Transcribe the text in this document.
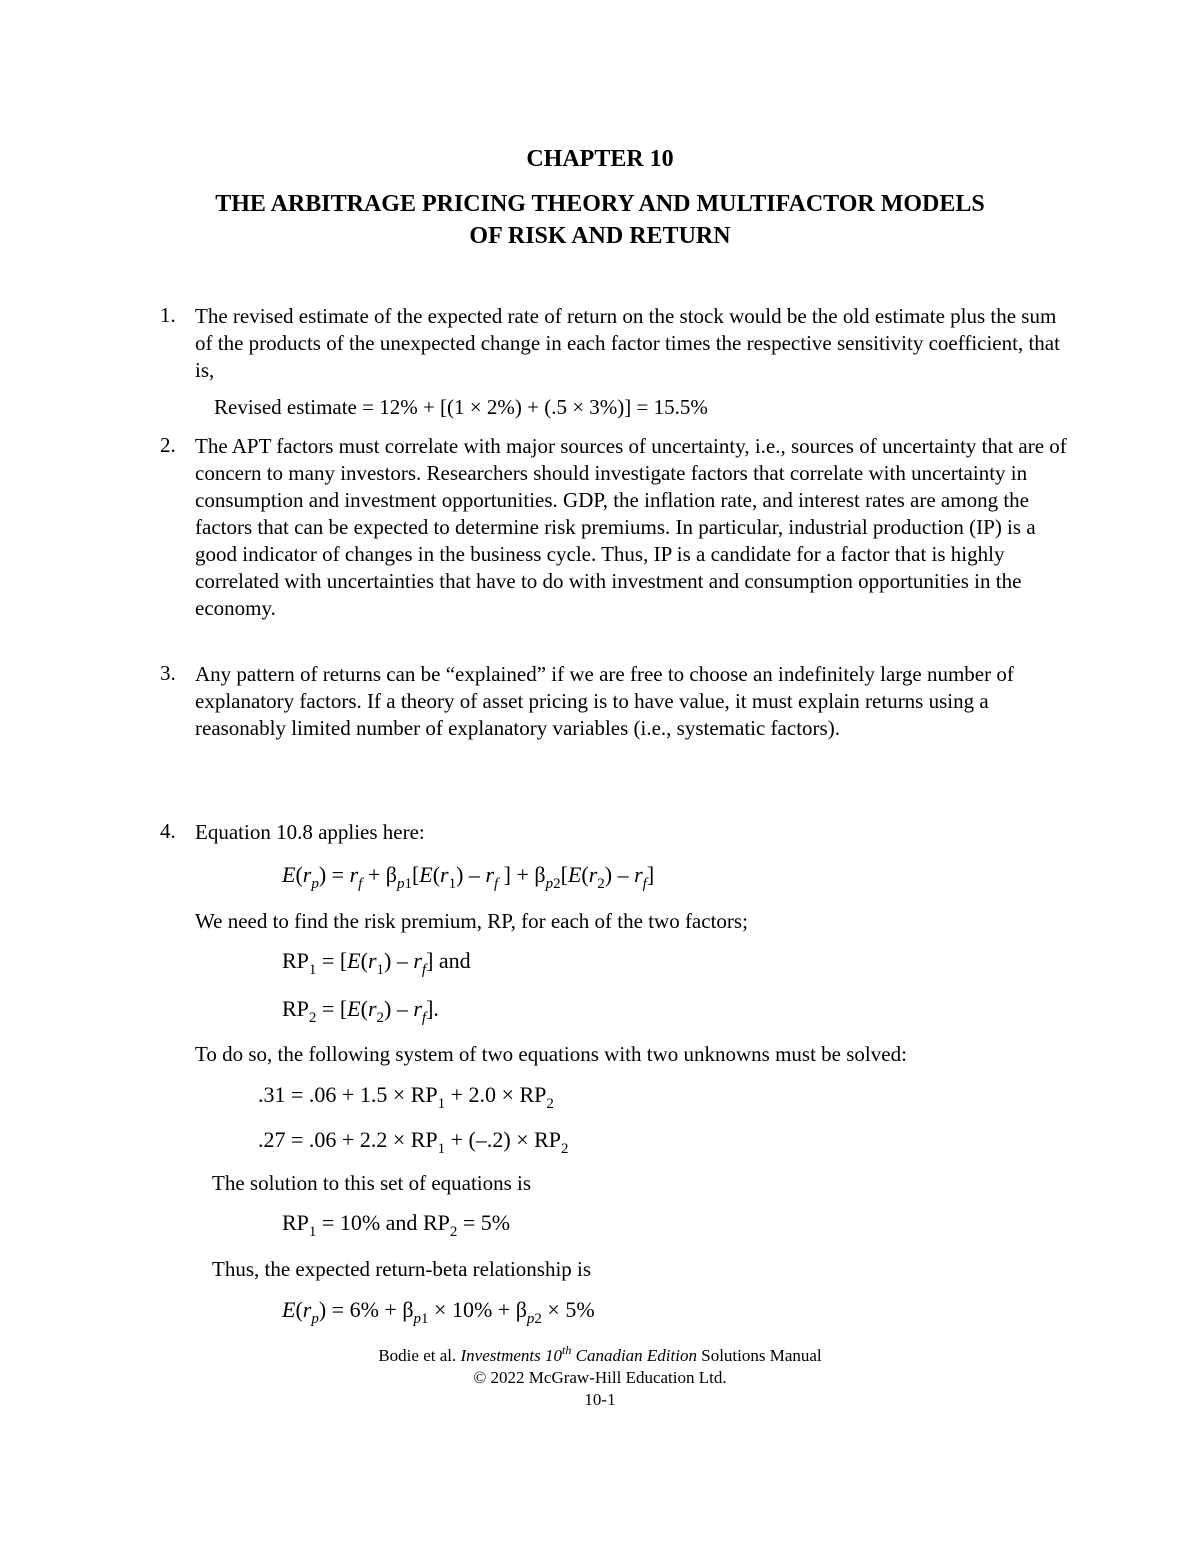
CHAPTER 10
THE ARBITRAGE PRICING THEORY AND MULTIFACTOR MODELS
OF RISK AND RETURN
1. The revised estimate of the expected rate of return on the stock would be the old estimate plus the sum of the products of the unexpected change in each factor times the respective sensitivity coefficient, that is,
Revised estimate = 12% + [(1 × 2%) + (.5 × 3%)] = 15.5%
2. The APT factors must correlate with major sources of uncertainty, i.e., sources of uncertainty that are of concern to many investors. Researchers should investigate factors that correlate with uncertainty in consumption and investment opportunities. GDP, the inflation rate, and interest rates are among the factors that can be expected to determine risk premiums. In particular, industrial production (IP) is a good indicator of changes in the business cycle. Thus, IP is a candidate for a factor that is highly correlated with uncertainties that have to do with investment and consumption opportunities in the economy.
3. Any pattern of returns can be “explained” if we are free to choose an indefinitely large number of explanatory factors. If a theory of asset pricing is to have value, it must explain returns using a reasonably limited number of explanatory variables (i.e., systematic factors).
4. Equation 10.8 applies here:
$E(r_p) = r_f + \beta_{p1}[E(r_1) - r_f$ ] + $\beta_{p2}[E(r_2) - r_f]$
We need to find the risk premium, RP, for each of the two factors;
$RP_1 = [E(r_1) - r_f]$ and
$RP_2 = [E(r_2) - r_f]$.
To do so, the following system of two equations with two unknowns must be solved:
$.31 = .06 + 1.5 \times RP_1 + 2.0 \times RP_2$
$.27 = .06 + 2.2 \times RP_1 + (-.2) \times RP_2$
The solution to this set of equations is
$RP_1 = 10\%$ and $RP_2 = 5\%$
Thus, the expected return-beta relationship is
$E(r_p) = 6\% + \beta_{p1} \times 10\% + \beta_{p2} \times 5\%$
Bodie et al. Investments 10th Canadian Edition Solutions Manual
© 2022 McGraw-Hill Education Ltd.
10-1
